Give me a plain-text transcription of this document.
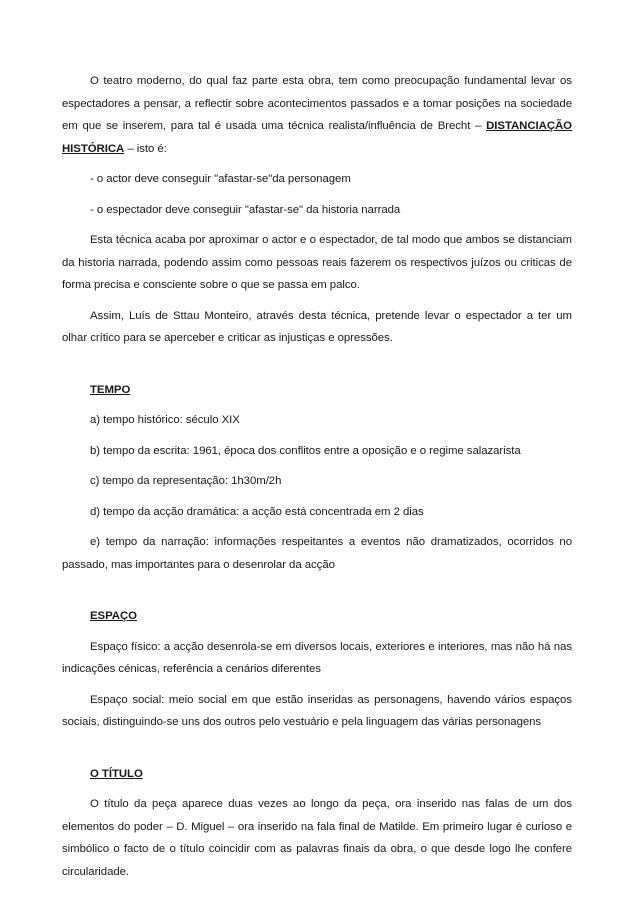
O teatro moderno, do qual faz parte esta obra, tem como preocupação fundamental levar os espectadores a pensar, a reflectir sobre acontecimentos passados e a tomar posições na sociedade em que se inserem, para tal é usada uma técnica realista/influência de Brecht – DISTANCIAÇÃO HISTÓRICA – isto é:

- o actor deve conseguir "afastar-se"da personagem

- o espectador deve conseguir "afastar-se" da historia narrada

Esta técnica acaba por aproximar o actor e o espectador, de tal modo que ambos se distanciam da historia narrada, podendo assim como pessoas reais fazerem os respectivos juízos ou criticas de forma precisa e consciente sobre o que se passa em palco.

Assim, Luís de Sttau Monteiro, através desta técnica, pretende levar o espectador a ter um olhar crítico para se aperceber e criticar as injustiças e opressões.

TEMPO

a) tempo histórico: século XIX

b) tempo da escrita: 1961, época dos conflitos entre a oposição e o regime salazarista

c) tempo da representação: 1h30m/2h

d) tempo da acção dramática: a acção está concentrada em 2 dias

e) tempo da narração: informações respeitantes a eventos não dramatizados, ocorridos no passado, mas importantes para o desenrolar da acção

ESPAÇO

Espaço físico: a acção desenrola-se em diversos locais, exteriores e interiores, mas não há nas indicações cénicas, referência a cenários diferentes

Espaço social: meio social em que estão inseridas as personagens, havendo vários espaços sociais, distinguindo-se uns dos outros pelo vestuário e pela linguagem das várias personagens

O TÍTULO

O título da peça aparece duas vezes ao longo da peça, ora inserido nas falas de um dos elementos do poder – D. Miguel – ora inserido na fala final de Matilde. Em primeiro lugar é curioso e simbólico o facto de o título coincidir com as palavras finais da obra, o que desde logo lhe confere circularidade.
